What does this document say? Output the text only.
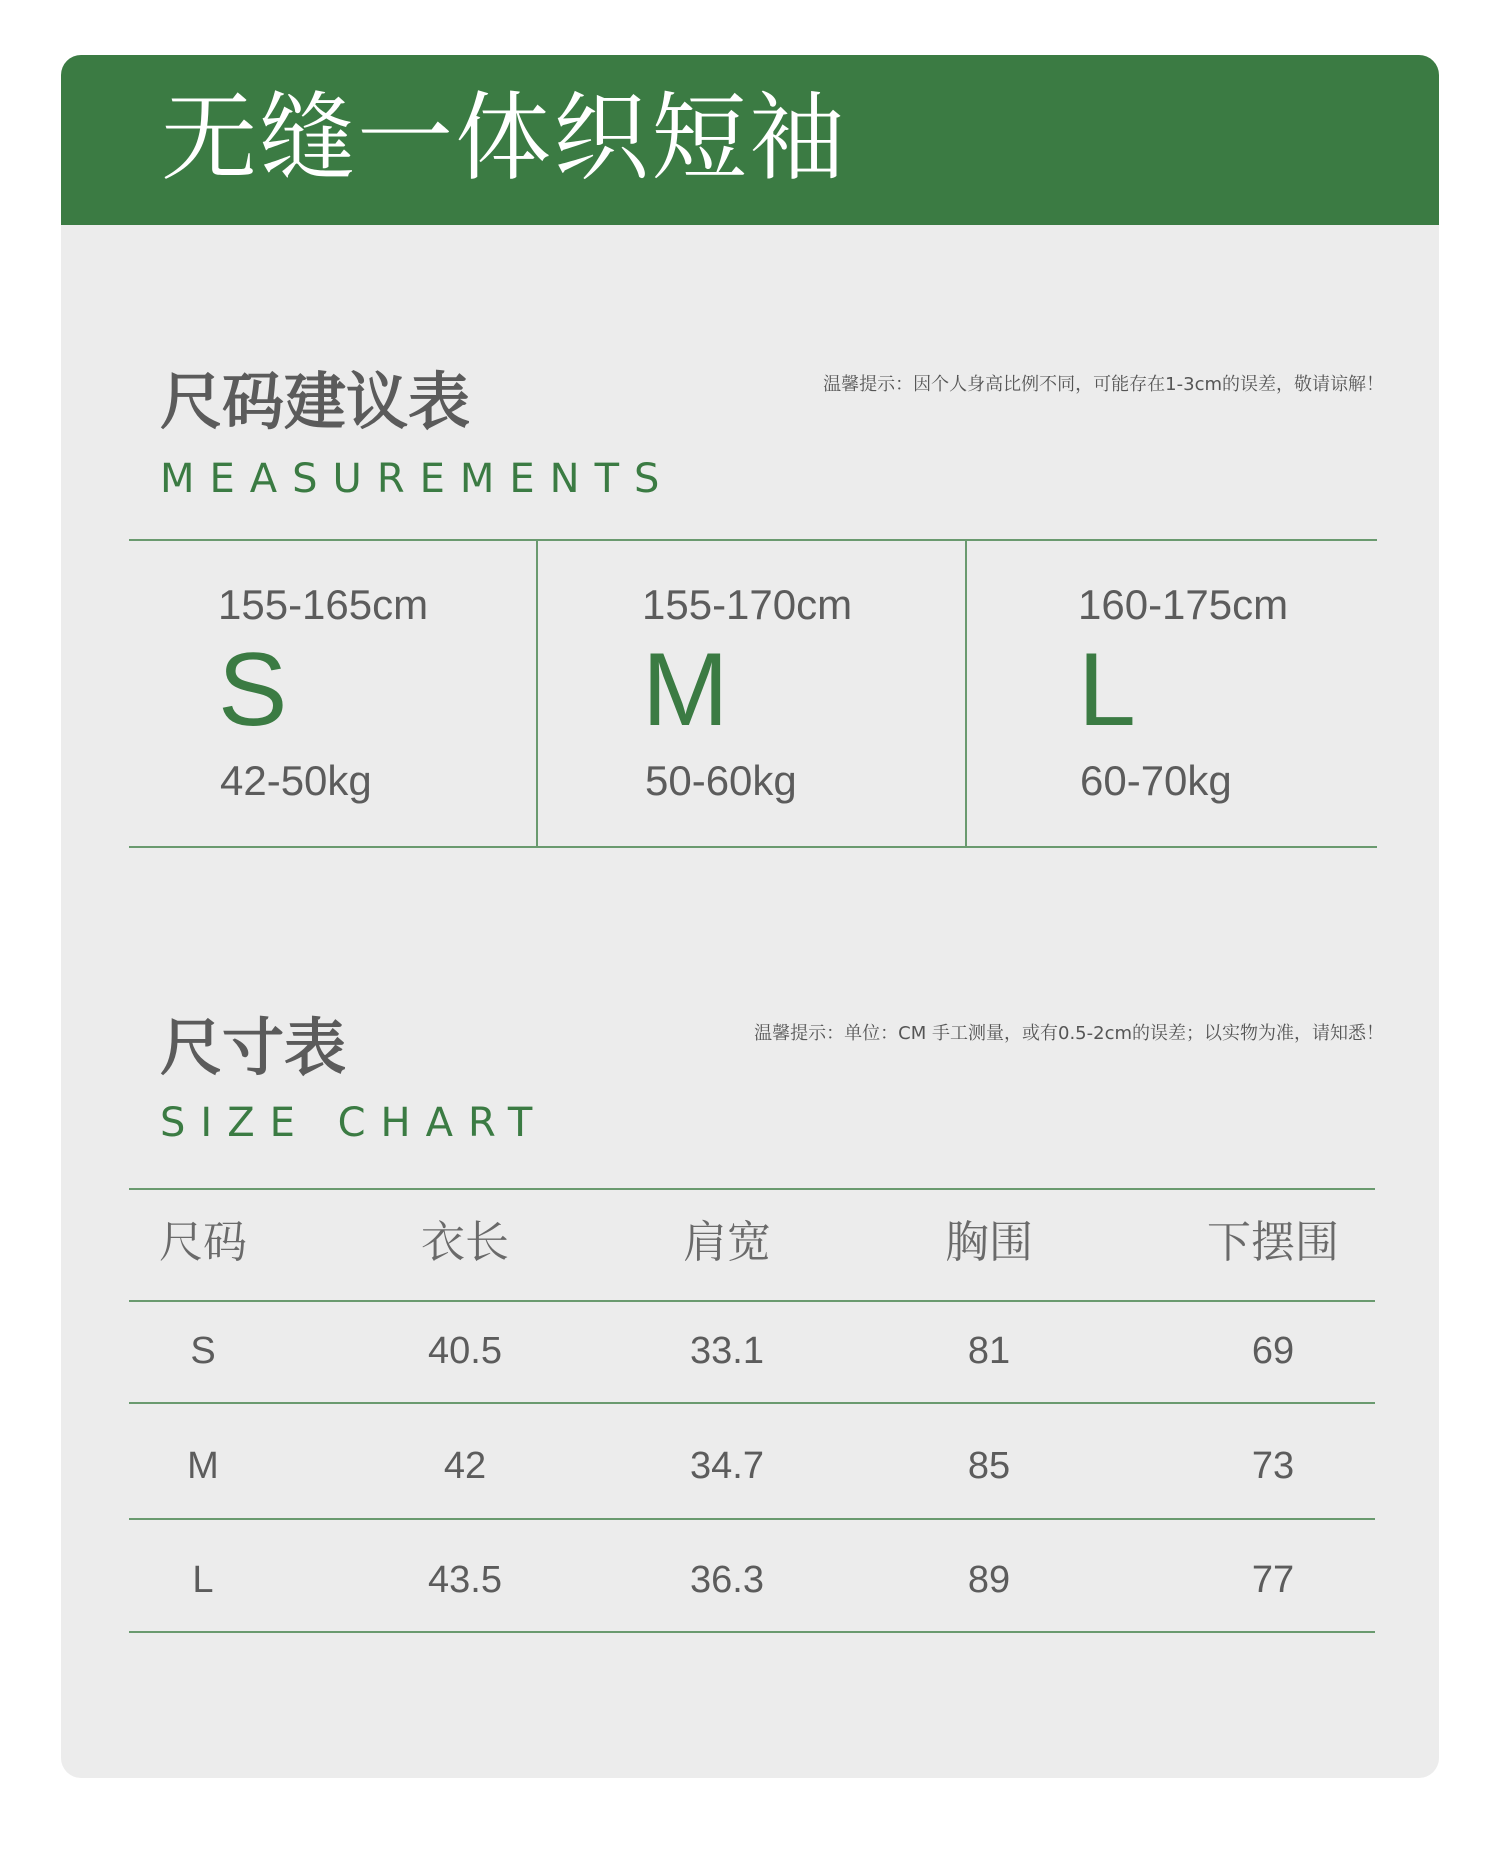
无缝一体织短袖
尺码建议表
MEASUREMENTS
温馨提示：因个人身高比例不同，可能存在1-3cm的误差，敬请谅解！
155-165cm
S
42-50kg
155-170cm
M
50-60kg
160-175cm
L
60-70kg
尺寸表
SIZE CHART
温馨提示：单位：CM 手工测量，或有0.5-2cm的误差；以实物为准，请知悉！
尺码	衣长	肩宽	胸围	下摆围
S	40.5	33.1	81	69
M	42	34.7	85	73
L	43.5	36.3	89	77
